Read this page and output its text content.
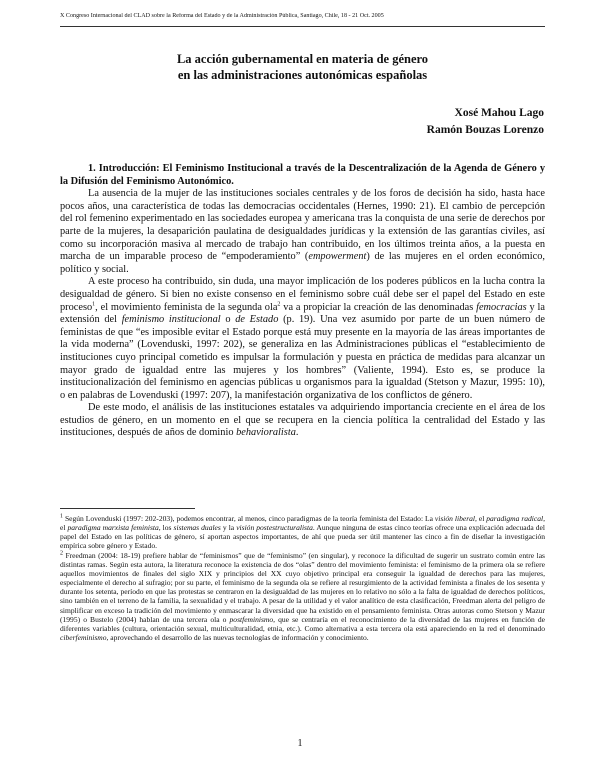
X Congreso Internacional del CLAD sobre la Reforma del Estado y de la Administración Pública, Santiago, Chile, 18 - 21 Oct. 2005
La acción gubernamental en materia de género
en las administraciones autonómicas españolas
Xosé Mahou Lago
Ramón Bouzas Lorenzo

1. Introducción: El Feminismo Institucional a través de la Descentralización de la Agenda de Género y la Difusión del Feminismo Autonómico.

La ausencia de la mujer de las instituciones sociales centrales y de los foros de decisión ha sido, hasta hace pocos años, una característica de todas las democracias occidentales (Hernes, 1990: 21). El cambio de percepción del rol femenino experimentado en las sociedades europea y americana tras la conquista de una serie de derechos por parte de la mujeres, la desaparición paulatina de desigualdades jurídicas y la extensión de las garantías civiles, así como su incorporación masiva al mercado de trabajo han contribuido, en los últimos treinta años, a la puesta en marcha de un imparable proceso de “empoderamiento” (empowerment) de las mujeres en el orden económico, político y social.

A este proceso ha contribuido, sin duda, una mayor implicación de los poderes públicos en la lucha contra la desigualdad de género. Si bien no existe consenso en el feminismo sobre cuál debe ser el papel del Estado en este proceso$^1$, el movimiento feminista de la segunda ola$^2$ va a propiciar la creación de las denominadas femocracias y la extensión del feminismo institucional o de Estado (p. 19). Una vez asumido por parte de un buen número de feministas de que “es imposible evitar el Estado porque está muy presente en la mayoría de las áreas importantes de la vida moderna” (Lovenduski, 1997: 202), se generaliza en las Administraciones públicas el “establecimiento de instituciones cuyo principal cometido es impulsar la formulación y puesta en práctica de medidas para alcanzar un mayor grado de igualdad entre las mujeres y los hombres” (Valiente, 1994). Esto es, se produce la institucionalización del feminismo en agencias públicas u organismos para la igualdad (Stetson y Mazur, 1995: 10), o en palabras de Lovenduski (1997: 207), la manifestación organizativa de los conflictos de género.

De este modo, el análisis de las instituciones estatales va adquiriendo importancia creciente en el área de los estudios de género, en un momento en el que se recupera en la ciencia política la centralidad del Estado y las instituciones, después de años de dominio behavioralista.

$^1$ Según Lovenduski (1997: 202-203), podemos encontrar, al menos, cinco paradigmas de la teoría feminista del Estado: La visión liberal, el paradigma radical, el paradigma marxista feminista, los sistemas duales y la visión postestructuralista. Aunque ninguna de estas cinco teorías ofrece una explicación adecuada del papel del Estado en las políticas de género, sí aportan aspectos importantes, de ahí que pueda ser útil mantener las cinco a fin de diseñar la investigación empírica sobre género y Estado.

$^2$ Freedman (2004: 18-19) prefiere hablar de “feminismos” que de “feminismo” (en singular), y reconoce la dificultad de sugerir un sustrato común entre las distintas ramas. Según esta autora, la literatura reconoce la existencia de dos “olas” dentro del movimiento feminista: el feminismo de la primera ola se refiere aquellos movimientos de finales del siglo XIX y principios del XX cuyo objetivo principal era conseguir la igualdad de derechos para las mujeres, especialmente el derecho al sufragio; por su parte, el feminismo de la segunda ola se refiere al resurgimiento de la actividad feminista a finales de los sesenta y durante los setenta, período en que las protestas se centraron en la desigualdad de las mujeres en lo relativo no sólo a la falta de igualdad de derechos políticos, sino también en el terreno de la familia, la sexualidad y el trabajo. A pesar de la utilidad y el valor analítico de esta clasificación, Freedman alerta del peligro de simplificar en exceso la tradición del movimiento y enmascarar la diversidad que ha existido en el pensamiento feminista. Otras autoras como Stetson y Mazur (1995) o Bustelo (2004) hablan de una tercera ola o postfeminismo, que se centraría en el reconocimiento de la diversidad de las mujeres en función de diferentes variables (cultura, orientación sexual, multiculturalidad, etnia, etc.). Como alternativa a esta tercera ola está apareciendo en la red el denominado ciberfeminismo, aprovechando el desarrollo de las nuevas tecnologías de información y conocimiento.

1
